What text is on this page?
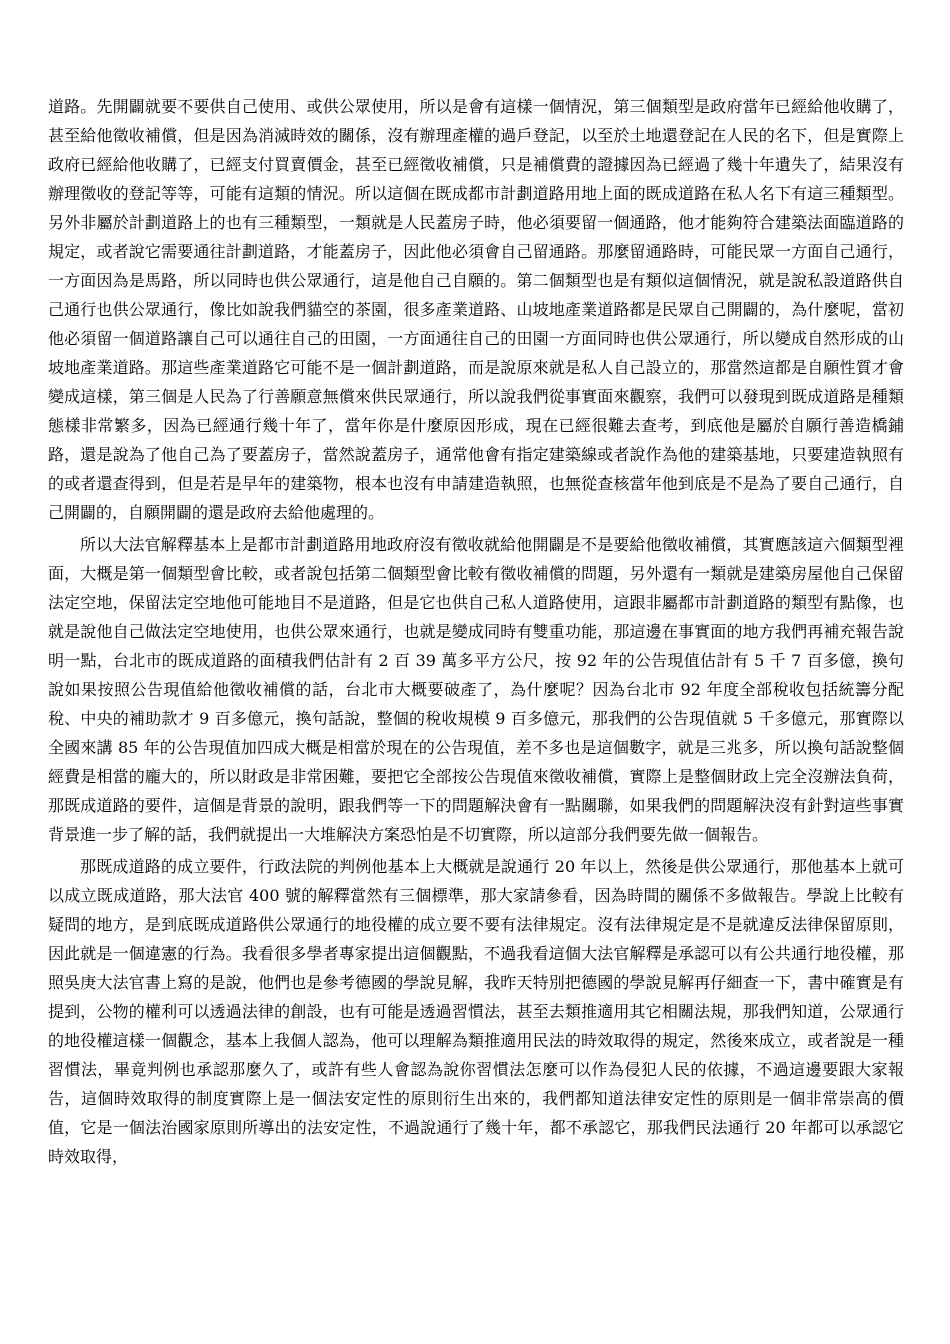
道路。先開闢就要不要供自己使用、或供公眾使用，所以是會有這樣一個情況，第三個類型是政府當年已經給他收購了，甚至給他徵收補償，但是因為消滅時效的關係，沒有辦理產權的過戶登記，以至於土地還登記在人民的名下，但是實際上政府已經給他收購了，已經支付買賣價金，甚至已經徵收補償，只是補償費的證據因為已經過了幾十年遺失了，結果沒有辦理徵收的登記等等，可能有這類的情況。所以這個在既成都市計劃道路用地上面的既成道路在私人名下有這三種類型。另外非屬於計劃道路上的也有三種類型，一類就是人民蓋房子時，他必須要留一個通路，他才能夠符合建築法面臨道路的規定，或者說它需要通往計劃道路，才能蓋房子，因此他必須會自己留通路。那麼留通路時，可能民眾一方面自己通行，一方面因為是馬路，所以同時也供公眾通行，這是他自己自願的。第二個類型也是有類似這個情況，就是說私設道路供自己通行也供公眾通行，像比如說我們貓空的茶園，很多產業道路、山坡地產業道路都是民眾自己開闢的，為什麼呢，當初他必須留一個道路讓自己可以通往自己的田園，一方面通往自己的田園一方面同時也供公眾通行，所以變成自然形成的山坡地產業道路。那這些產業道路它可能不是一個計劃道路，而是說原來就是私人自己設立的，那當然這都是自願性質才會變成這樣，第三個是人民為了行善願意無償來供民眾通行，所以說我們從事實面來觀察，我們可以發現到既成道路是種類態樣非常繁多，因為已經通行幾十年了，當年你是什麼原因形成，現在已經很難去查考，到底他是屬於自願行善造橋鋪路，還是說為了他自己為了要蓋房子，當然說蓋房子，通常他會有指定建築線或者說作為他的建築基地，只要建造執照有的或者還查得到，但是若是早年的建築物，根本也沒有申請建造執照，也無從查核當年他到底是不是為了要自己通行，自己開闢的，自願開闢的還是政府去給他處理的。

所以大法官解釋基本上是都市計劃道路用地政府沒有徵收就給他開闢是不是要給他徵收補償，其實應該這六個類型裡面，大概是第一個類型會比較，或者說包括第二個類型會比較有徵收補償的問題，另外還有一類就是建築房屋他自己保留法定空地，保留法定空地他可能地目不是道路，但是它也供自己私人道路使用，這跟非屬都市計劃道路的類型有點像，也就是說他自己做法定空地使用，也供公眾來通行，也就是變成同時有雙重功能，那這邊在事實面的地方我們再補充報告說明一點，台北市的既成道路的面積我們估計有 2 百 39 萬多平方公尺，按 92 年的公告現值估計有 5 千 7 百多億，換句說如果按照公告現值給他徵收補償的話，台北市大概要破產了，為什麼呢？因為台北市 92 年度全部稅收包括統籌分配稅、中央的補助款才 9 百多億元，換句話說，整個的稅收規模 9 百多億元，那我們的公告現值就 5 千多億元，那實際以全國來講 85 年的公告現值加四成大概是相當於現在的公告現值，差不多也是這個數字，就是三兆多，所以換句話說整個經費是相當的龐大的，所以財政是非常困難，要把它全部按公告現值來徵收補償，實際上是整個財政上完全沒辦法負荷，那既成道路的要件，這個是背景的說明，跟我們等一下的問題解決會有一點關聯，如果我們的問題解決沒有針對這些事實背景進一步了解的話，我們就提出一大堆解決方案恐怕是不切實際，所以這部分我們要先做一個報告。

那既成道路的成立要件，行政法院的判例他基本上大概就是說通行 20 年以上，然後是供公眾通行，那他基本上就可以成立既成道路，那大法官 400 號的解釋當然有三個標準，那大家請參看，因為時間的關係不多做報告。學說上比較有疑問的地方，是到底既成道路供公眾通行的地役權的成立要不要有法律規定。沒有法律規定是不是就違反法律保留原則，因此就是一個違憲的行為。我看很多學者專家提出這個觀點，不過我看這個大法官解釋是承認可以有公共通行地役權，那照吳庚大法官書上寫的是說，他們也是參考德國的學說見解，我昨天特別把德國的學說見解再仔細查一下，書中確實是有提到，公物的權利可以透過法律的創設，也有可能是透過習慣法，甚至去類推適用其它相關法規，那我們知道，公眾通行的地役權這樣一個觀念，基本上我個人認為，他可以理解為類推適用民法的時效取得的規定，然後來成立，或者說是一種習慣法，畢竟判例也承認那麼久了，或許有些人會認為說你習慣法怎麼可以作為侵犯人民的依據，不過這邊要跟大家報告，這個時效取得的制度實際上是一個法安定性的原則衍生出來的，我們都知道法律安定性的原則是一個非常崇高的價值，它是一個法治國家原則所導出的法安定性，不過說通行了幾十年，都不承認它，那我們民法通行 20 年都可以承認它時效取得，
